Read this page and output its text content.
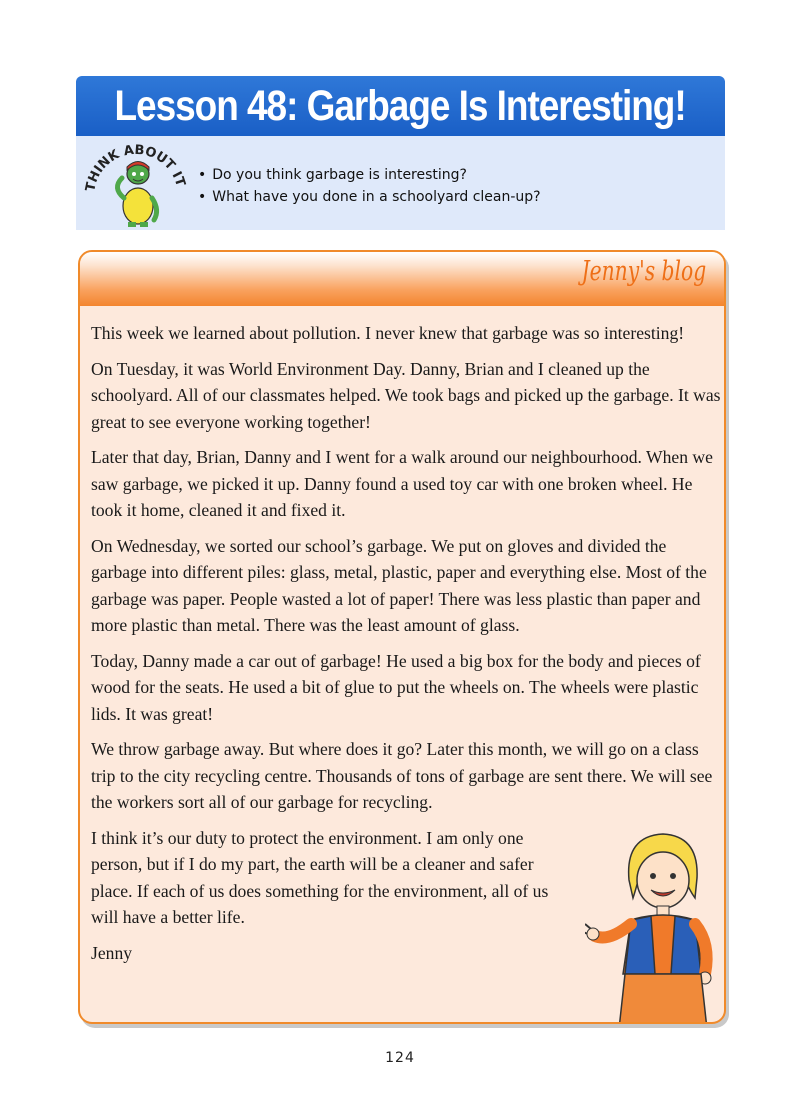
Lesson 48: Garbage Is Interesting!
THINK ABOUT IT
•	Do you think garbage is interesting?
• What have you done in a schoolyard clean-up?
Jenny's blog

This week we learned about pollution. I never knew that garbage was so interesting!

On Tuesday, it was World Environment Day. Danny, Brian and I cleaned up the schoolyard. All of our classmates helped. We took bags and picked up the garbage. It was great to see everyone working together!

Later that day, Brian, Danny and I went for a walk around our neighbourhood. When we saw garbage, we picked it up. Danny found a used toy car with one broken wheel. He took it home, cleaned it and fixed it.

On Wednesday, we sorted our school’s garbage. We put on gloves and divided the garbage into different piles: glass, metal, plastic, paper and everything else. Most of the garbage was paper. People wasted a lot of paper! There was less plastic than paper and more plastic than metal. There was the least amount of glass.

Today, Danny made a car out of garbage! He used a big box for the body and pieces of wood for the seats. He used a bit of glue to put the wheels on. The wheels were plastic lids. It was great!

We throw garbage away. But where does it go? Later this month, we will go on a class trip to the city recycling centre. Thousands of tons of garbage are sent there. We will see the workers sort all of our garbage for recycling.

I think it’s our duty to protect the environment. I am only one person, but if I do my part, the earth will be a cleaner and safer place. If each of us does something for the environment, all of us will have a better life.

Jenny

124
